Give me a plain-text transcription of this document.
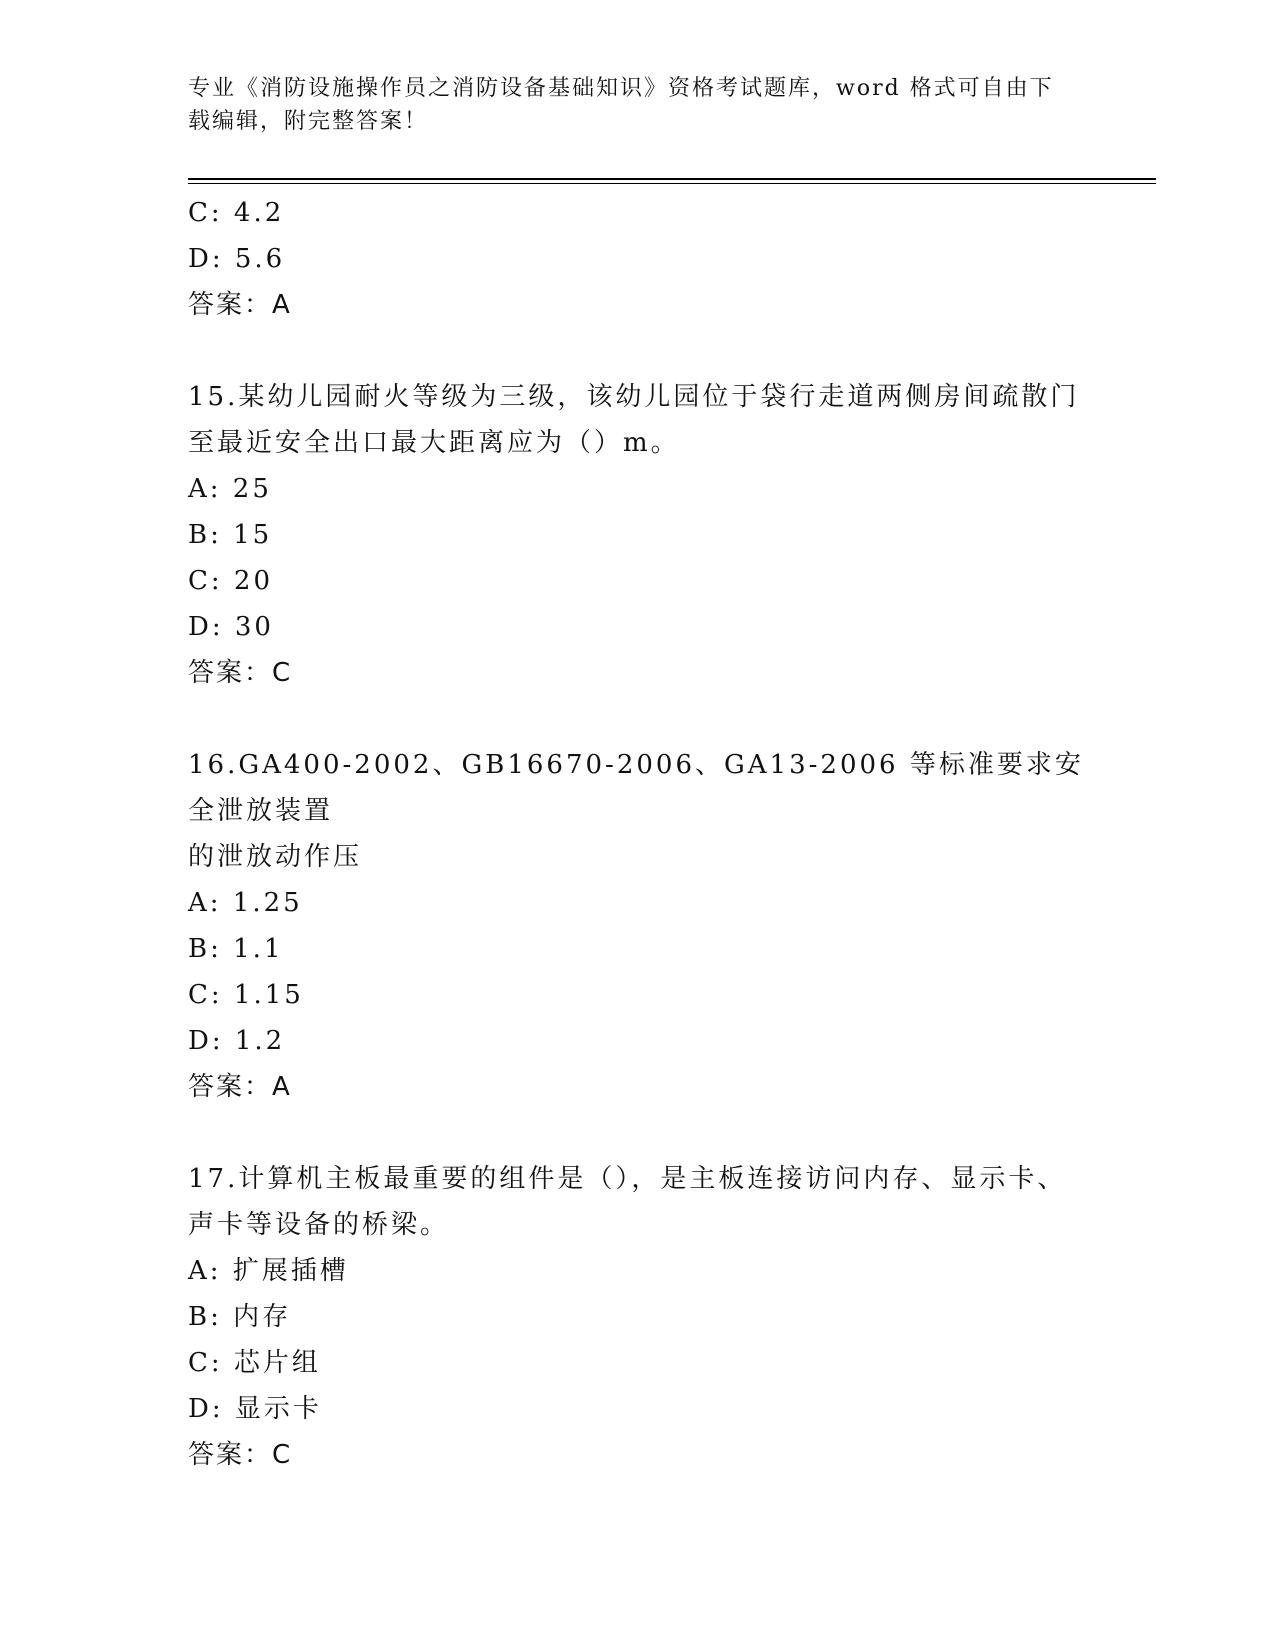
专业《消防设施操作员之消防设备基础知识》资格考试题库，word 格式可自由下
载编辑，附完整答案！
C: 4.2
D: 5.6
答案：A
15.某幼儿园耐火等级为三级，该幼儿园位于袋行走道两侧房间疏散门
至最近安全出口最大距离应为（）m。
A: 25
B: 15
C: 20
D: 30
答案：C
16.GA400-2002、GB16670-2006、GA13-2006 等标准要求安全泄放装置
的泄放动作压
A: 1.25
B: 1.1
C: 1.15
D: 1.2
答案：A
17.计算机主板最重要的组件是（），是主板连接访问内存、显示卡、
声卡等设备的桥梁。
A: 扩展插槽
B: 内存
C: 芯片组
D: 显示卡
答案：C
